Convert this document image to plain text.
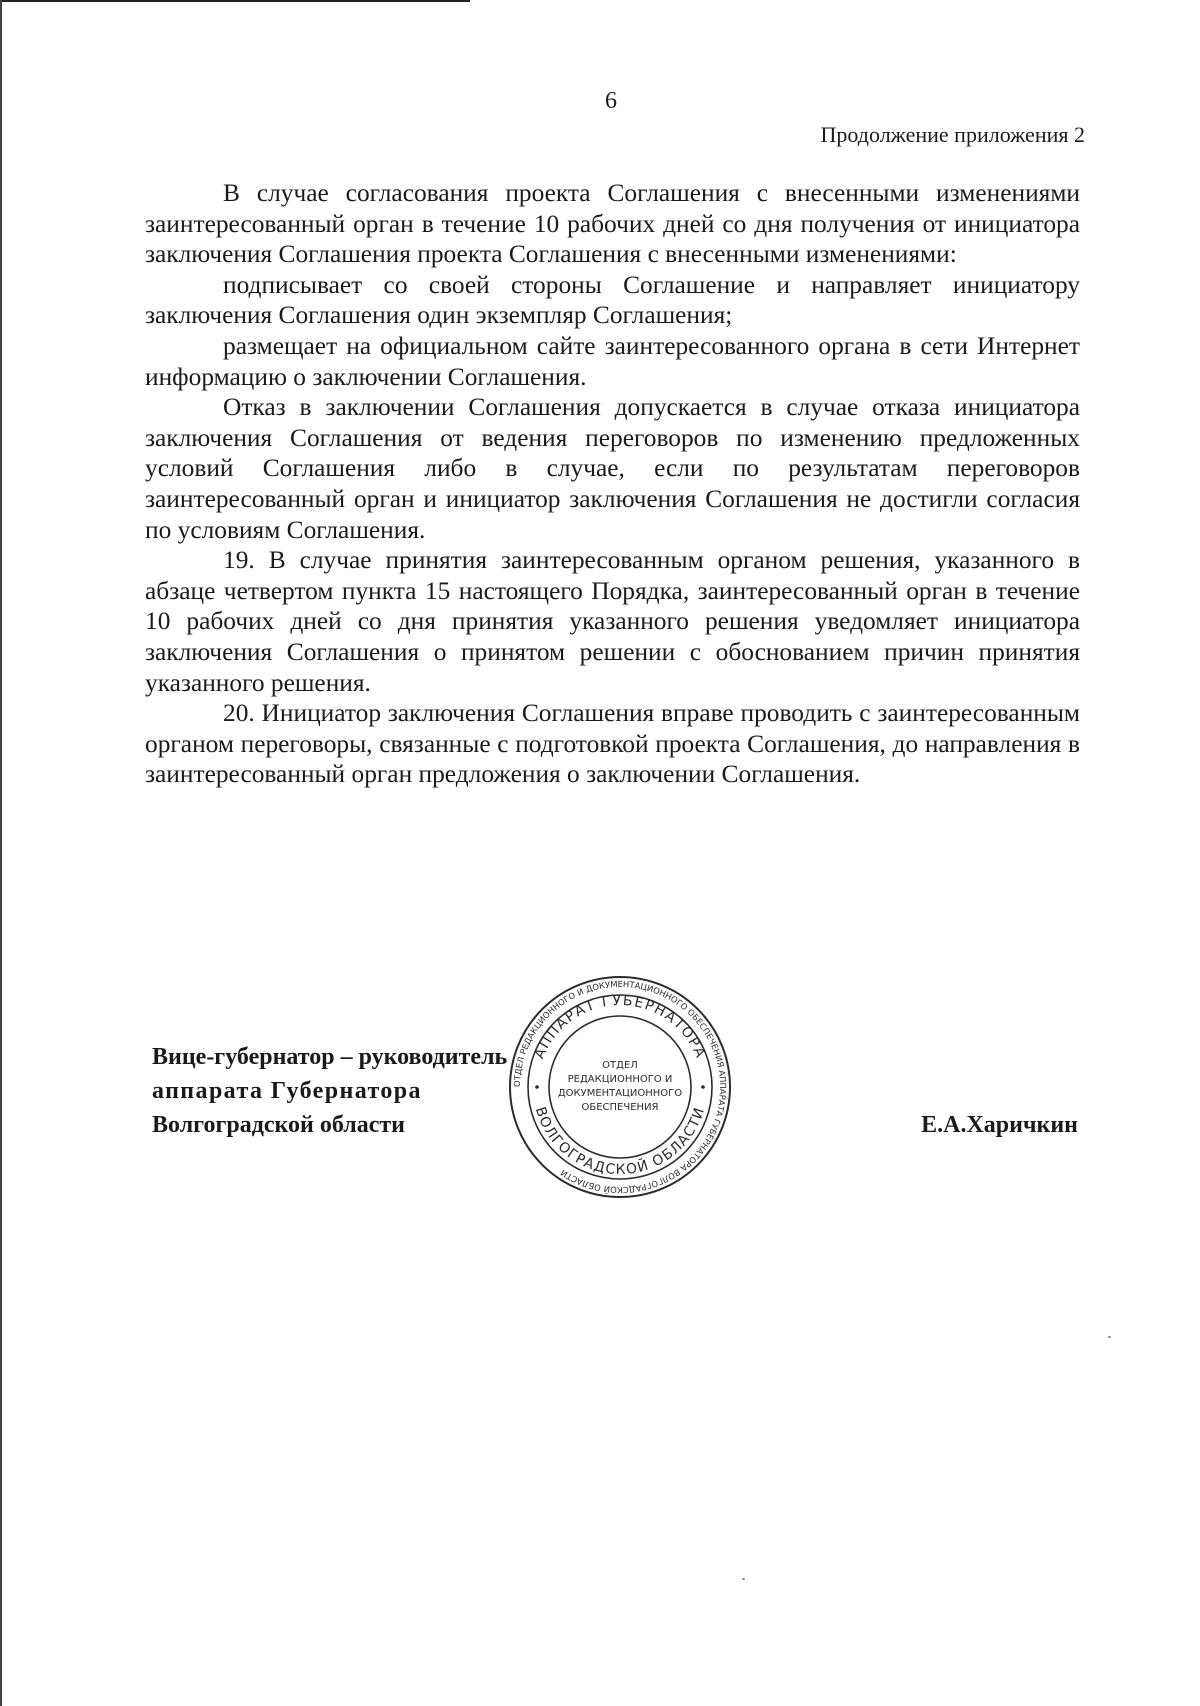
6
Продолжение приложения 2

В случае согласования проекта Соглашения с внесенными изменениями заинтересованный орган в течение 10 рабочих дней со дня получения от инициатора заключения Соглашения проекта Соглашения с внесенными изменениями:

подписывает со своей стороны Соглашение и направляет инициатору заключения Соглашения один экземпляр Соглашения;

размещает на официальном сайте заинтересованного органа в сети Интернет информацию о заключении Соглашения.

Отказ в заключении Соглашения допускается в случае отказа инициатора заключения Соглашения от ведения переговоров по изменению предложенных условий Соглашения либо в случае, если по результатам переговоров заинтересованный орган и инициатор заключения Соглашения не достигли согласия по условиям Соглашения.

19. В случае принятия заинтересованным органом решения, указанного в абзаце четвертом пункта 15 настоящего Порядка, заинтересованный орган в течение 10 рабочих дней со дня принятия указанного решения уведомляет инициатора заключения Соглашения о принятом решении с обоснованием причин принятия указанного решения.

20. Инициатор заключения Соглашения вправе проводить с заинтересованным органом переговоры, связанные с подготовкой проекта Соглашения, до направления в заинтересованный орган предложения о заключении Соглашения.

Вице-губернатор – руководитель
аппарата Губернатора
Волгоградской области	Е.А.Харичкин
ОТДЕЛ РЕДАКЦИОННОГО И ДОКУМЕНТАЦИОННОГО ОБЕСПЕЧЕНИЯ АППАРАТА ГУБЕРНАТОРА ВОЛГОГРАДСКОЙ ОБЛАСТИ
АППАРАТ ГУБЕРНАТОРА
ВОЛГОГРАДСКОЙ ОБЛАСТИ
ОТДЕЛ
РЕДАКЦИОННОГО И
ДОКУМЕНТАЦИОННОГО
ОБЕСПЕЧЕНИЯ
